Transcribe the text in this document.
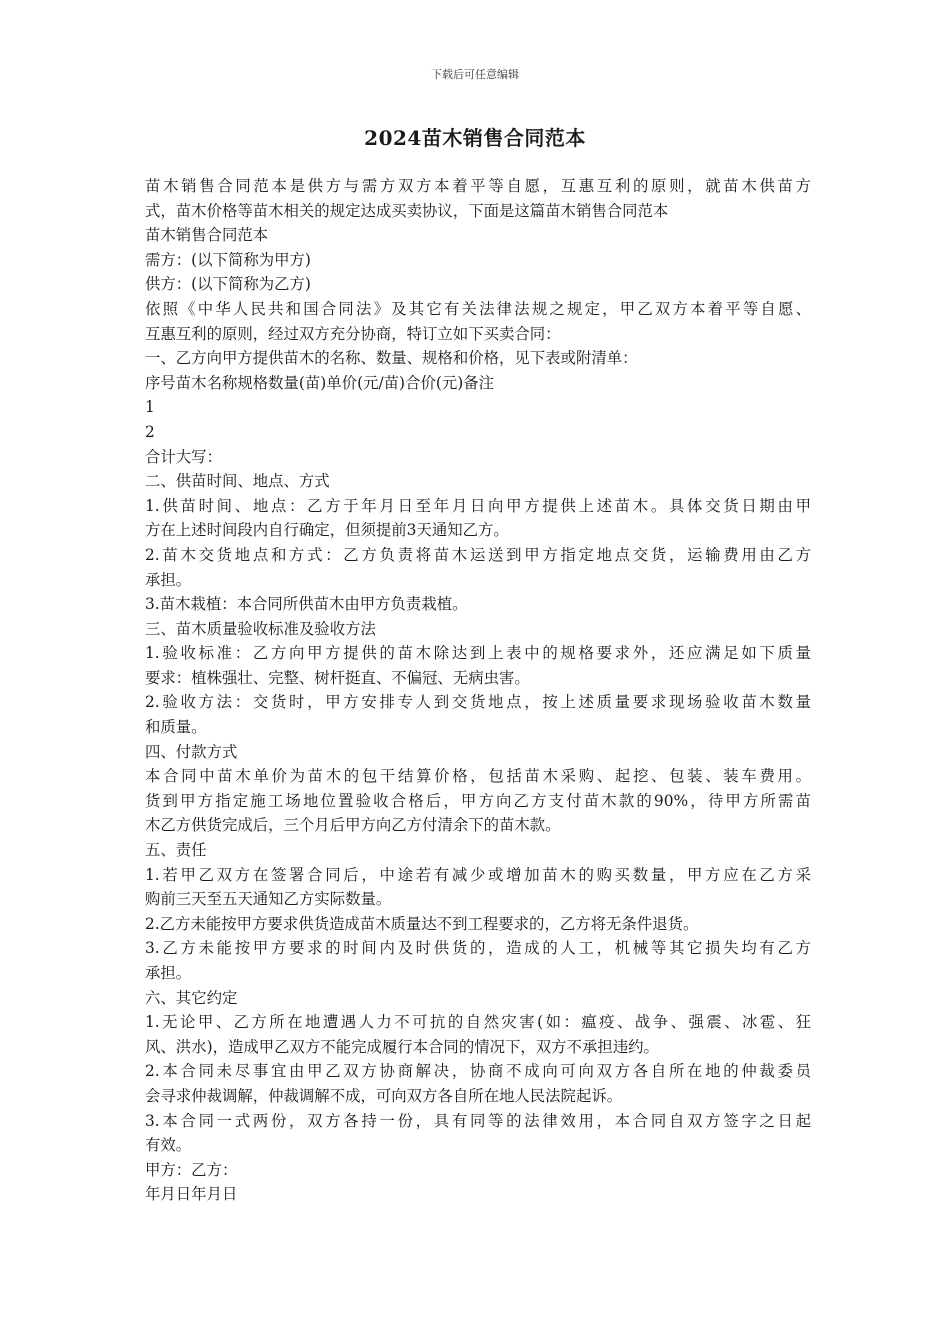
下载后可任意编辑
2024苗木销售合同范本
苗木销售合同范本是供方与需方双方本着平等自愿，互惠互利的原则，就苗木供苗方
式，苗木价格等苗木相关的规定达成买卖协议，下面是这篇苗木销售合同范本
苗木销售合同范本
需方：(以下简称为甲方)
供方：(以下简称为乙方)
依照《中华人民共和国合同法》及其它有关法律法规之规定，甲乙双方本着平等自愿、
互惠互利的原则，经过双方充分协商，特订立如下买卖合同：
一、乙方向甲方提供苗木的名称、数量、规格和价格，见下表或附清单：
序号苗木名称规格数量(苗)单价(元/苗)合价(元)备注
1
2
合计大写：
二、供苗时间、地点、方式
1.供苗时间、地点：乙方于年月日至年月日向甲方提供上述苗木。具体交货日期由甲
方在上述时间段内自行确定，但须提前3天通知乙方。
2.苗木交货地点和方式：乙方负责将苗木运送到甲方指定地点交货，运输费用由乙方
承担。
3.苗木栽植：本合同所供苗木由甲方负责栽植。
三、苗木质量验收标准及验收方法
1.验收标准：乙方向甲方提供的苗木除达到上表中的规格要求外，还应满足如下质量
要求：植株强壮、完整、树杆挺直、不偏冠、无病虫害。
2.验收方法：交货时，甲方安排专人到交货地点，按上述质量要求现场验收苗木数量
和质量。
四、付款方式
本合同中苗木单价为苗木的包干结算价格，包括苗木采购、起挖、包装、装车费用。
货到甲方指定施工场地位置验收合格后，甲方向乙方支付苗木款的90%，待甲方所需苗
木乙方供货完成后，三个月后甲方向乙方付清余下的苗木款。
五、责任
1.若甲乙双方在签署合同后，中途若有减少或增加苗木的购买数量，甲方应在乙方采
购前三天至五天通知乙方实际数量。
2.乙方未能按甲方要求供货造成苗木质量达不到工程要求的，乙方将无条件退货。
3.乙方未能按甲方要求的时间内及时供货的，造成的人工，机械等其它损失均有乙方
承担。
六、其它约定
1.无论甲、乙方所在地遭遇人力不可抗的自然灾害(如：瘟疫、战争、强震、冰雹、狂
风、洪水)，造成甲乙双方不能完成履行本合同的情况下，双方不承担违约。
2.本合同未尽事宜由甲乙双方协商解决，协商不成向可向双方各自所在地的仲裁委员
会寻求仲裁调解，仲裁调解不成，可向双方各自所在地人民法院起诉。
3.本合同一式两份，双方各持一份，具有同等的法律效用，本合同自双方签字之日起
有效。
甲方：乙方：
年月日年月日
